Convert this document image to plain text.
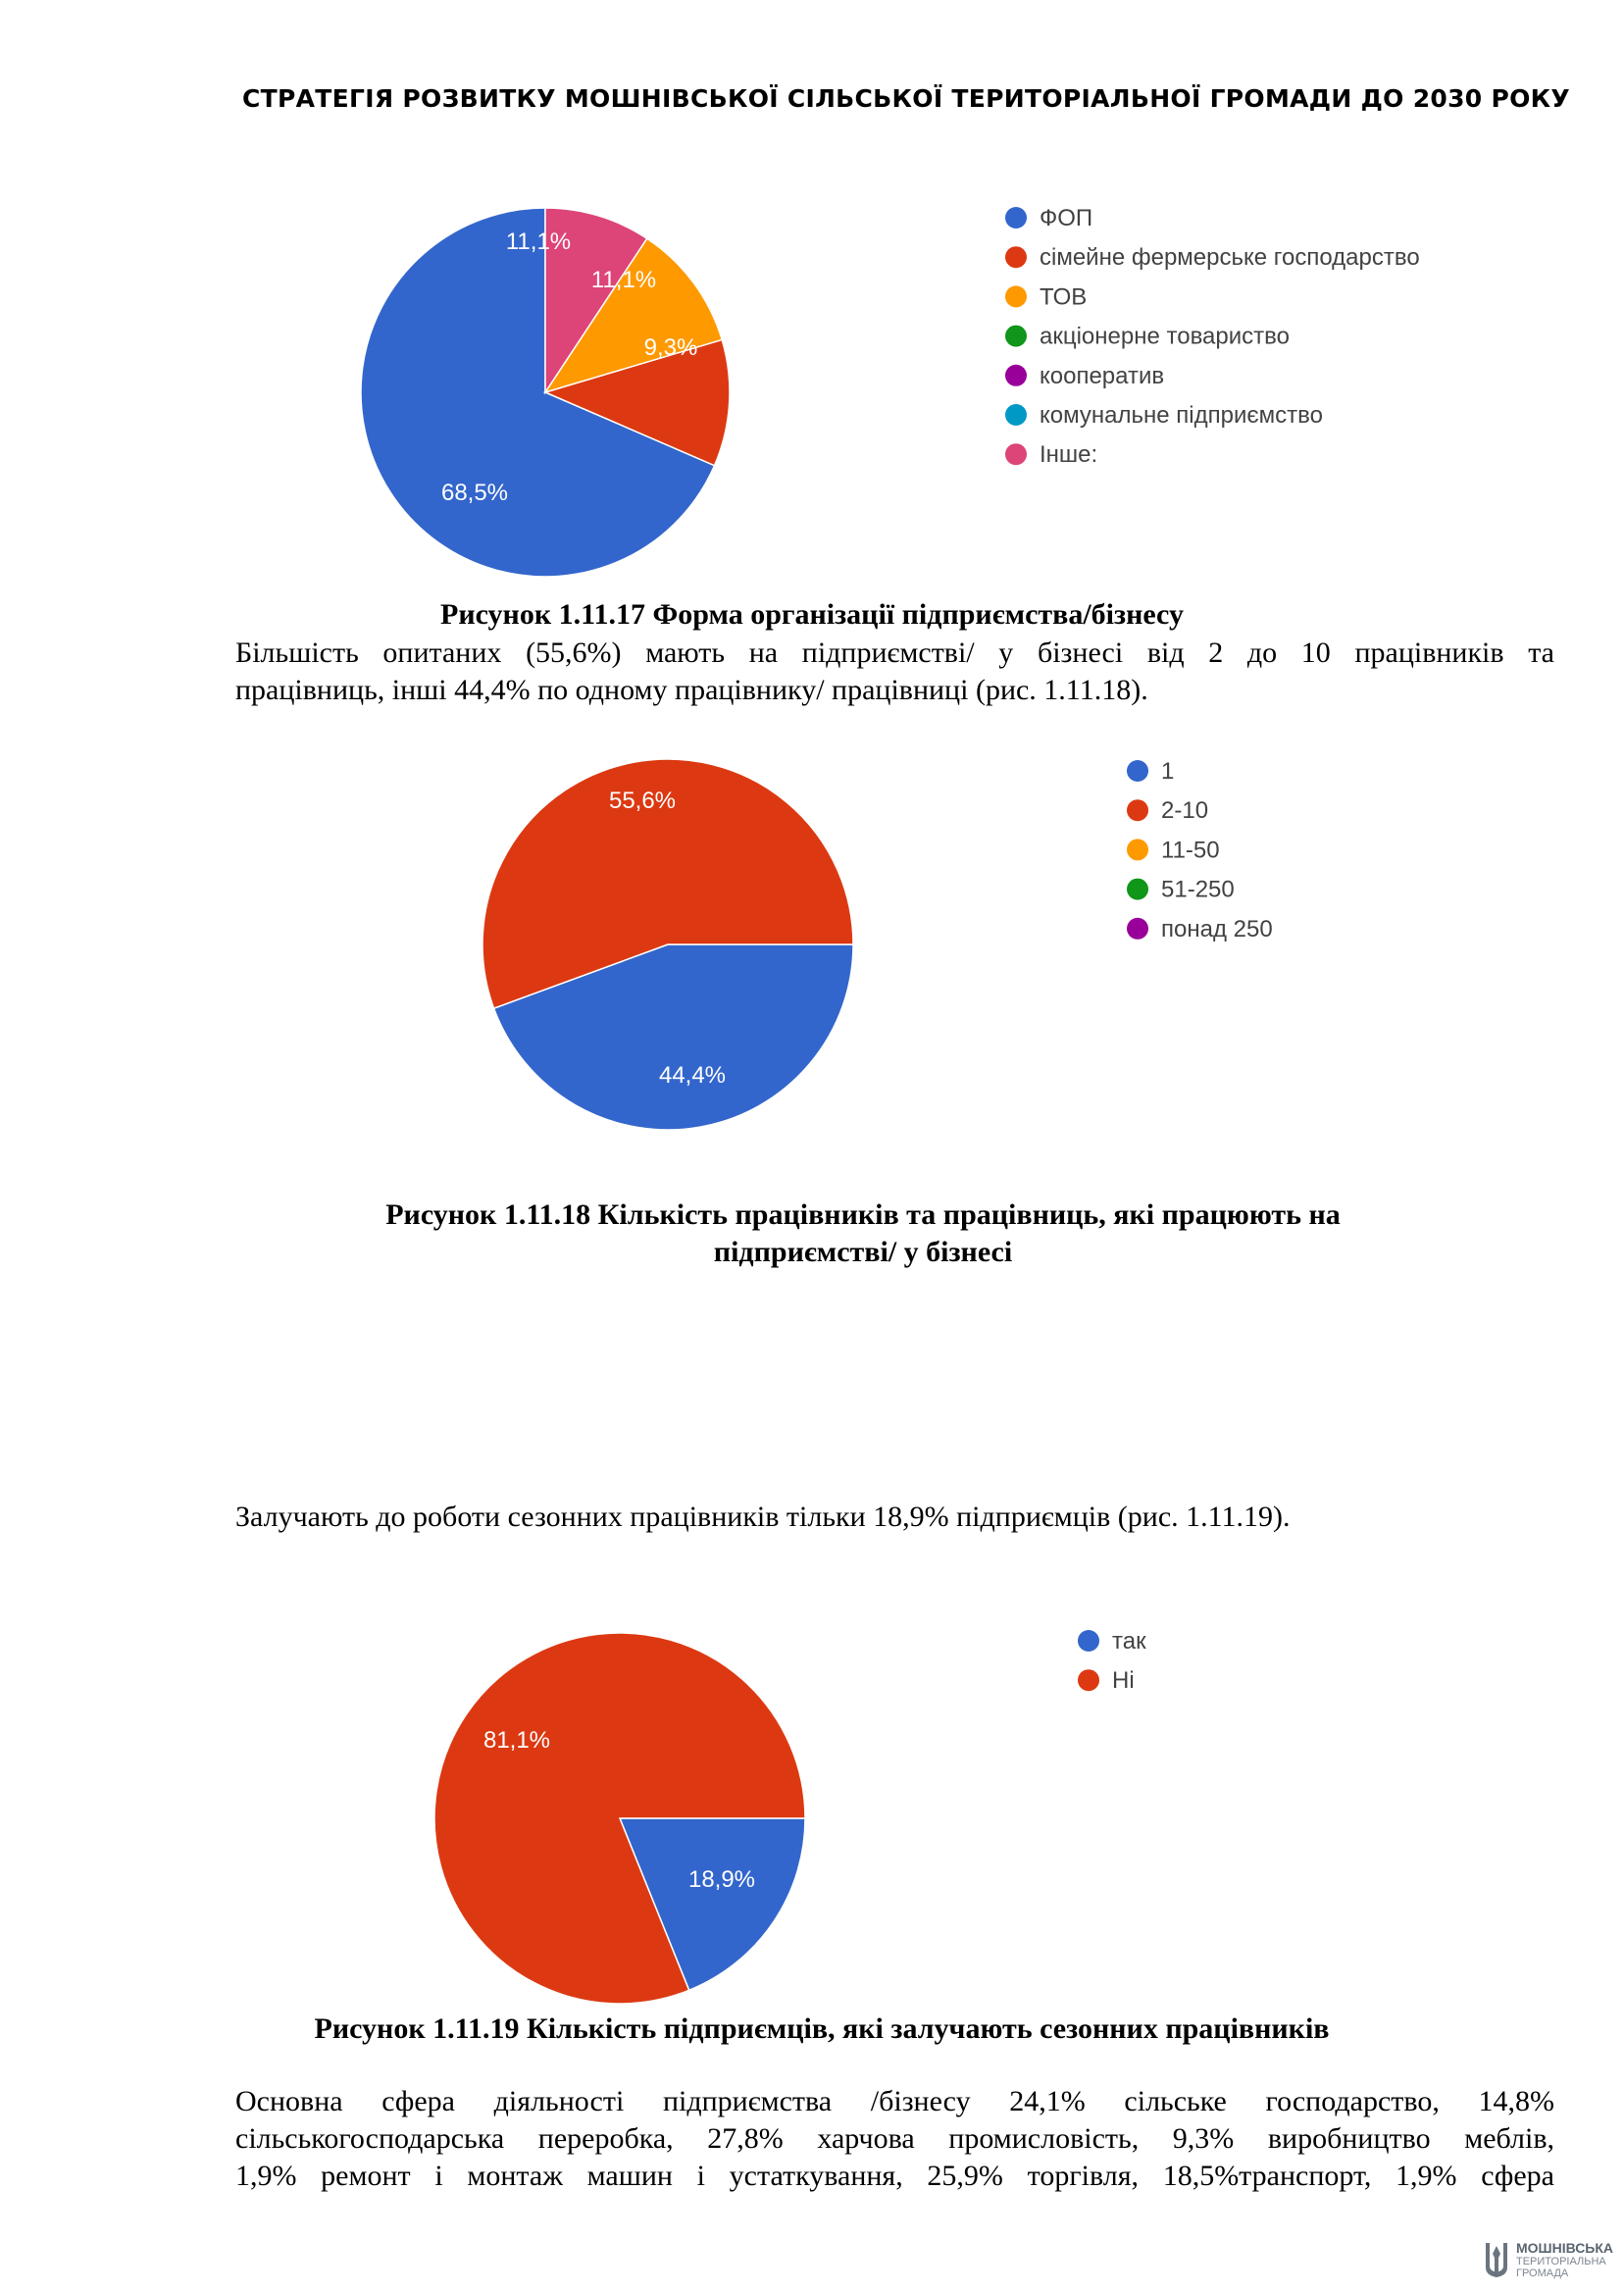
СТРАТЕГІЯ РОЗВИТКУ МОШНІВСЬКОЇ СІЛЬСЬКОЇ ТЕРИТОРІАЛЬНОЇ ГРОМАДИ ДО 2030 РОКУ
68,5%
11,1%
11,1%
9,3%
ФОП
сімейне фермерське господарство
ТОВ
акціонерне товариство
кооператив
комунальне підприємство
Інше:
Рисунок 1.11.17 Форма організації підприємства/бізнесу
Більшість опитаних (55,6%) мають на підприємстві/ у бізнесі від 2 до 10 працівників та
працівниць, інші 44,4% по одному працівнику/ працівниці (рис. 1.11.18).
44,4%
55,6%
1
2-10
11-50
51-250
понад 250
Рисунок 1.11.18 Кількість працівників та працівниць, які працюють на
підприємстві/ у бізнесі
Залучають до роботи сезонних працівників тільки 18,9% підприємців (рис. 1.11.19).
18,9%
81,1%
так
Ні
Рисунок 1.11.19 Кількість підприємців, які залучають сезонних працівників
Основна сфера діяльності підприємства /бізнесу 24,1% сільське господарство, 14,8%
сільськогосподарська переробка, 27,8% харчова промисловість, 9,3% виробництво меблів,
1,9% ремонт і монтаж машин і устаткування, 25,9% торгівля, 18,5%транспорт, 1,9% сфера
МОШНІВСЬКА
ТЕРИТОРІАЛЬНА
ГРОМАДА
